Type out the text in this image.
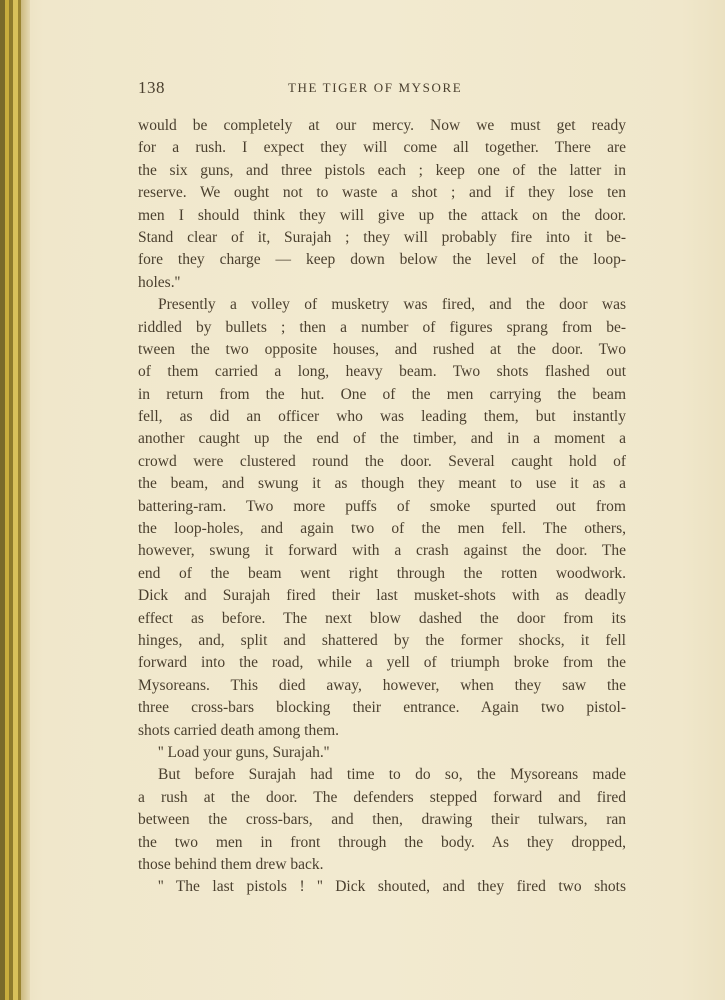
138	THE TIGER OF MYSORE
would be completely at our mercy. Now we must get ready
for a rush. I expect they will come all together. There are
the six guns, and three pistols each ; keep one of the latter in
reserve. We ought not to waste a shot ; and if they lose ten
men I should think they will give up the attack on the door.
Stand clear of it, Surajah ; they will probably fire into it be-
fore they charge — keep down below the level of the loop-
holes.''
Presently a volley of musketry was fired, and the door was
riddled by bullets ; then a number of figures sprang from be-
tween the two opposite houses, and rushed at the door. Two
of them carried a long, heavy beam. Two shots flashed out
in return from the hut. One of the men carrying the beam
fell, as did an officer who was leading them, but instantly
another caught up the end of the timber, and in a moment a
crowd were clustered round the door. Several caught hold of
the beam, and swung it as though they meant to use it as a
battering-ram. Two more puffs of smoke spurted out from
the loop-holes, and again two of the men fell. The others,
however, swung it forward with a crash against the door. The
end of the beam went right through the rotten woodwork.
Dick and Surajah fired their last musket-shots with as deadly
effect as before. The next blow dashed the door from its
hinges, and, split and shattered by the former shocks, it fell
forward into the road, while a yell of triumph broke from the
Mysoreans. This died away, however, when they saw the
three cross-bars blocking their entrance. Again two pistol-
shots carried death among them.
'' Load your guns, Surajah.''
But before Surajah had time to do so, the Mysoreans made
a rush at the door. The defenders stepped forward and fired
between the cross-bars, and then, drawing their tulwars, ran
the two men in front through the body. As they dropped,
those behind them drew back.
'' The last pistols ! '' Dick shouted, and they fired two shots
